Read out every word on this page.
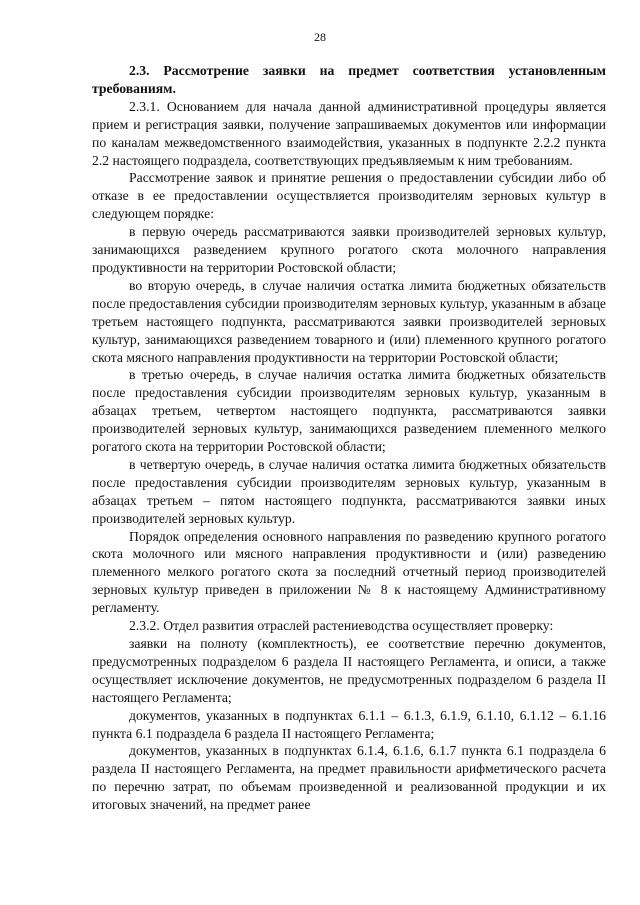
28

2.3. Рассмотрение заявки на предмет соответствия установленным требованиям.

2.3.1. Основанием для начала данной административной процедуры является прием и регистрация заявки, получение запрашиваемых документов или информации по каналам межведомственного взаимодействия, указанных в подпункте 2.2.2 пункта 2.2 настоящего подраздела, соответствующих предъявляемым к ним требованиям.

Рассмотрение заявок и принятие решения о предоставлении субсидии либо об отказе в ее предоставлении осуществляется производителям зерновых культур в следующем порядке:

в первую очередь рассматриваются заявки производителей зерновых культур, занимающихся разведением крупного рогатого скота молочного направления продуктивности на территории Ростовской области;

во вторую очередь, в случае наличия остатка лимита бюджетных обязательств после предоставления субсидии производителям зерновых культур, указанным в абзаце третьем настоящего подпункта, рассматриваются заявки производителей зерновых культур, занимающихся разведением товарного и (или) племенного крупного рогатого скота мясного направления продуктивности на территории Ростовской области;

в третью очередь, в случае наличия остатка лимита бюджетных обязательств после предоставления субсидии производителям зерновых культур, указанным в абзацах третьем, четвертом настоящего подпункта, рассматриваются заявки производителей зерновых культур, занимающихся разведением племенного мелкого рогатого скота на территории Ростовской области;

в четвертую очередь, в случае наличия остатка лимита бюджетных обязательств после предоставления субсидии производителям зерновых культур, указанным в абзацах третьем – пятом настоящего подпункта, рассматриваются заявки иных производителей зерновых культур.

Порядок определения основного направления по разведению крупного рогатого скота молочного или мясного направления продуктивности и (или) разведению племенного мелкого рогатого скота за последний отчетный период производителей зерновых культур приведен в приложении № 8 к настоящему Административному регламенту.

2.3.2. Отдел развития отраслей растениеводства осуществляет проверку:

заявки на полноту (комплектность), ее соответствие перечню документов, предусмотренных подразделом 6 раздела II настоящего Регламента, и описи, а также осуществляет исключение документов, не предусмотренных подразделом 6 раздела II настоящего Регламента;

документов, указанных в подпунктах 6.1.1 – 6.1.3, 6.1.9, 6.1.10, 6.1.12 – 6.1.16 пункта 6.1 подраздела 6 раздела II настоящего Регламента;

документов, указанных в подпунктах 6.1.4, 6.1.6, 6.1.7 пункта 6.1 подраздела 6 раздела II настоящего Регламента, на предмет правильности арифметического расчета по перечню затрат, по объемам произведенной и реализованной продукции и их итоговых значений, на предмет ранее
